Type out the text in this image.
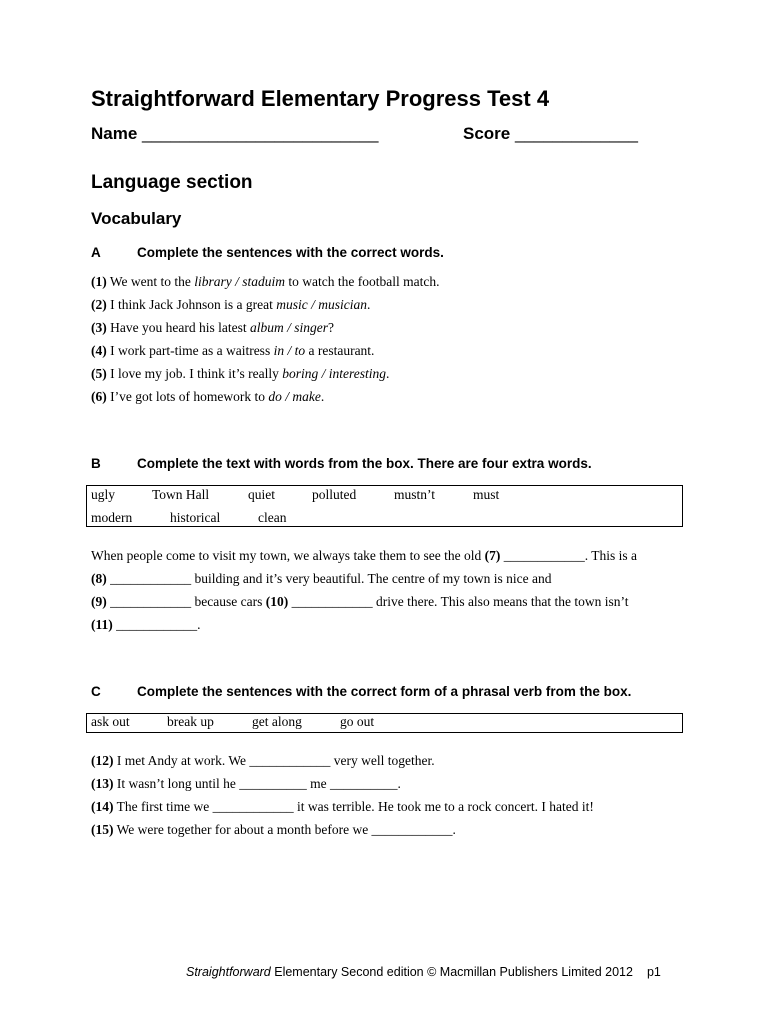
Straightforward Elementary Progress Test 4
Name _________________________	Score _____________
Language section
Vocabulary
A	Complete the sentences with the correct words.
(1) We went to the library / staduim to watch the football match.
(2) I think Jack Johnson is a great music / musician.
(3) Have you heard his latest album / singer?
(4) I work part-time as a waitress in / to a restaurant.
(5) I love my job. I think it’s really boring / interesting.
(6) I’ve got lots of homework to do / make.
B	Complete the text with words from the box. There are four extra words.
ugly	Town Hall	quiet	polluted	mustn’t	must
modern	historical	clean
When people come to visit my town, we always take them to see the old (7) ____________. This is a
(8) ____________ building and it’s very beautiful. The centre of my town is nice and
(9) ____________ because cars (10) ____________ drive there. This also means that the town isn’t
(11) ____________.
C	Complete the sentences with the correct form of a phrasal verb from the box.
ask out	break up	get along	go out
(12) I met Andy at work. We ____________ very well together.
(13) It wasn’t long until he __________ me __________.
(14) The first time we ____________ it was terrible. He took me to a rock concert. I hated it!
(15) We were together for about a month before we ____________.
Straightforward Elementary Second edition © Macmillan Publishers Limited 2012 p1
